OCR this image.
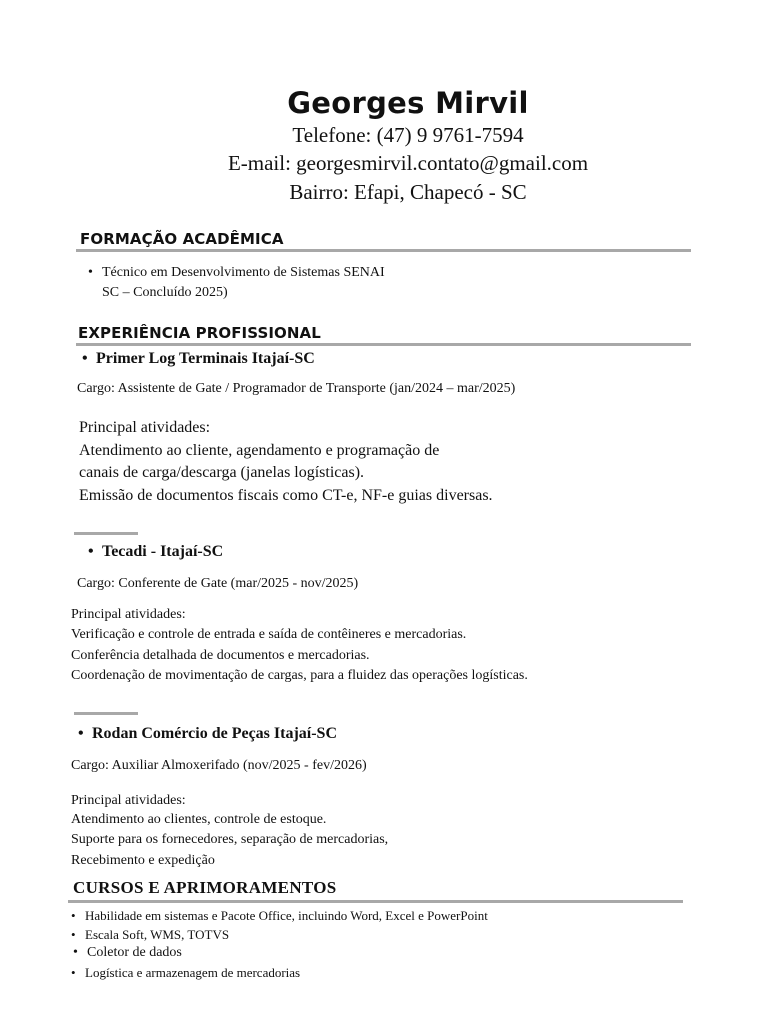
Georges Mirvil
Telefone: (47) 9 9761-7594
E-mail: georgesmirvil.contato@gmail.com
Bairro: Efapi, Chapecó - SC
FORMAÇÃO ACADÊMICA
• Técnico em Desenvolvimento de Sistemas SENAI
SC – Concluído 2025)
EXPERIÊNCIA PROFISSIONAL
• Primer Log Terminais Itajaí-SC
Cargo: Assistente de Gate / Programador de Transporte (jan/2024 – mar/2025)
Principal atividades:
Atendimento ao cliente, agendamento e programação de
canais de carga/descarga (janelas logísticas).
Emissão de documentos fiscais como CT-e, NF-e guias diversas.
• Tecadi - Itajaí-SC
Cargo: Conferente de Gate (mar/2025 - nov/2025)
Principal atividades:
Verificação e controle de entrada e saída de contêineres e mercadorias.
Conferência detalhada de documentos e mercadorias.
Coordenação de movimentação de cargas, para a fluidez das operações logísticas.
• Rodan Comércio de Peças Itajaí-SC
Cargo: Auxiliar Almoxerifado (nov/2025 - fev/2026)
Principal atividades:
Atendimento ao clientes, controle de estoque.
Suporte para os fornecedores, separação de mercadorias,
Recebimento e expedição
CURSOS E APRIMORAMENTOS
• Habilidade em sistemas e Pacote Office, incluindo Word, Excel e PowerPoint
• Escala Soft, WMS, TOTVS
• Coletor de dados
• Logística e armazenagem de mercadorias
